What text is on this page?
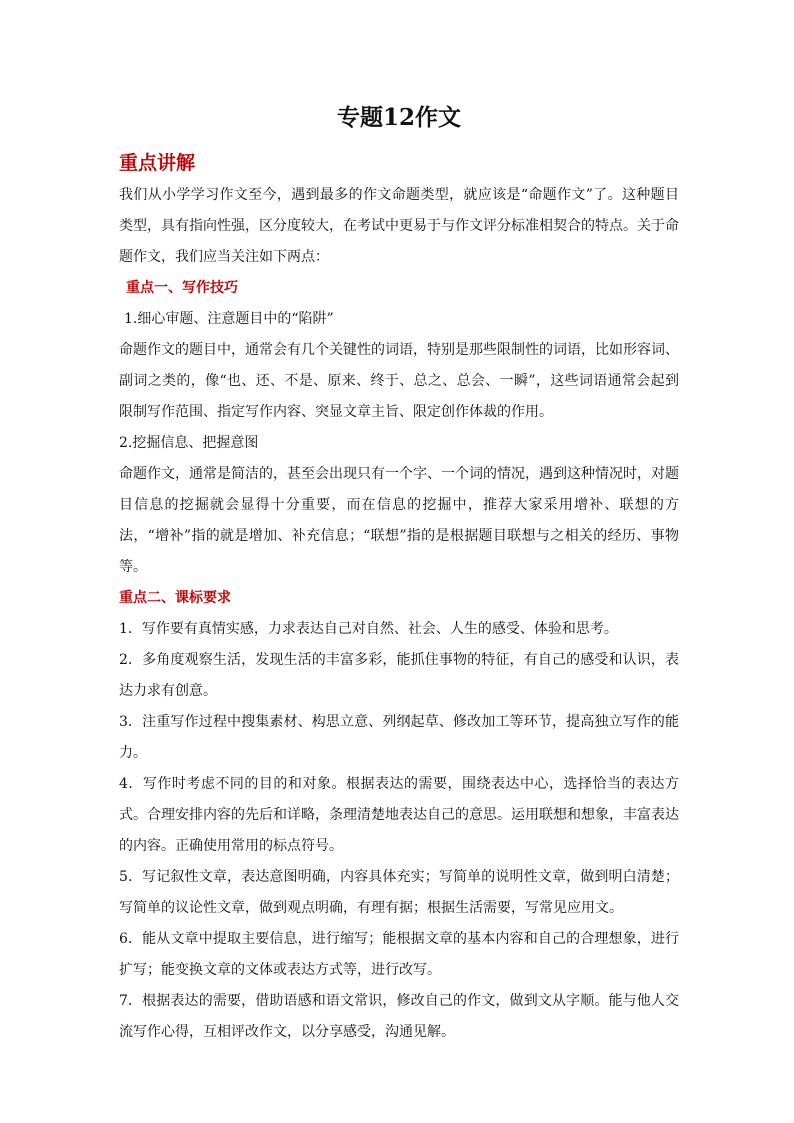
专题12作文
重点讲解

我们从小学学习作文至今，遇到最多的作文命题类型，就应该是“命题作文”了。这种题目类型，具有指向性强，区分度较大，在考试中更易于与作文评分标准相契合的特点。关于命题作文，我们应当关注如下两点：

重点一、写作技巧

1.细心审题、注意题目中的“陷阱”

命题作文的题目中，通常会有几个关键性的词语，特别是那些限制性的词语，比如形容词、副词之类的，像“也、还、不是、原来、终于、总之、总会、一瞬”，这些词语通常会起到限制写作范围、指定写作内容、突显文章主旨、限定创作体裁的作用。

2.挖掘信息、把握意图

命题作文，通常是简洁的，甚至会出现只有一个字、一个词的情况，遇到这种情况时，对题目信息的挖掘就会显得十分重要，而在信息的挖掘中，推荐大家采用增补、联想的方法，“增补”指的就是增加、补充信息；“联想”指的是根据题目联想与之相关的经历、事物等。

重点二、课标要求
1．写作要有真情实感，力求表达自己对自然、社会、人生的感受、体验和思考。
2．多角度观察生活，发现生活的丰富多彩，能抓住事物的特征，有自己的感受和认识，表达力求有创意。
3．注重写作过程中搜集素材、构思立意、列纲起草、修改加工等环节，提高独立写作的能力。
4．写作时考虑不同的目的和对象。根据表达的需要，围绕表达中心，选择恰当的表达方式。合理安排内容的先后和详略，条理清楚地表达自己的意思。运用联想和想象，丰富表达的内容。正确使用常用的标点符号。
5．写记叙性文章，表达意图明确，内容具体充实；写简单的说明性文章，做到明白清楚；写简单的议论性文章，做到观点明确，有理有据；根据生活需要，写常见应用文。
6．能从文章中提取主要信息，进行缩写；能根据文章的基本内容和自己的合理想象，进行扩写；能变换文章的文体或表达方式等，进行改写。
7．根据表达的需要，借助语感和语文常识，修改自己的作文，做到文从字顺。能与他人交流写作心得，互相评改作文，以分享感受，沟通见解。
